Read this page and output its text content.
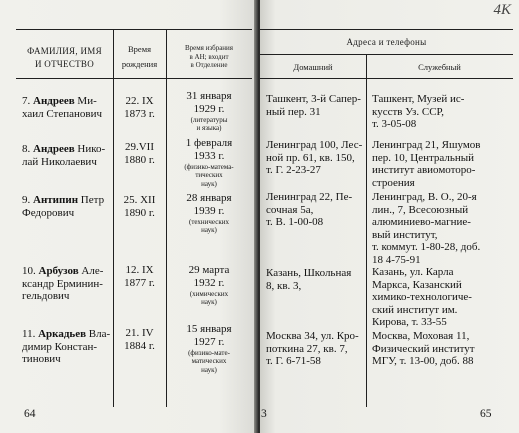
ФАМИЛИЯ, ИМЯ
И ОТЧЕСТВО
Время
рождения
Время избрания
в АН; входит
в Отделение
7. Андреев Ми-
хаил Степанович
22. IX
1873 г.
31 января
1929 г.
(литературы
и языка)
8. Андреев Нико-
лай Николаевич
29.VII
1880 г.
1 февраля
1933 г.
(физико-матема-
тических
наук)
9. Антипин Петр
Федорович
25. XII
1890 г.
28 января
1939 г.
(технических
наук)
10. Арбузов Але-
ксандр Ерминин-
гельдович
12. IX
1877 г.
29 марта
1932 г.
(химических
наук)
11. Аркадьев Вла-
димир Констан-
тинович
21. IV
1884 г.
15 января
1927 г.
(физико-мате-
матических
наук)
64
4К
Адреса и телефоны
Домашний	Служебный
Ташкент, 3-й Сапер-
ный пер. 31
Ташкент, Музей ис-
кусств Уз. ССР,
т. 3-05-08
Ленинград 100, Лес-
ной пр. 61, кв. 150,
т. Г. 2-23-27
Ленинград 21, Яшумов
пер. 10, Центральный
институт авиомоторо-
строения
Ленинград 22, Пе-
сочная 5а,
т. В. 1-00-08
Ленинград, В. О., 20-я
лин., 7, Всесоюзный
алюминиево-магние-
вый институт,
т. коммут. 1-80-28, доб.
18 4-75-91
Казань, Школьная
8, кв. 3,
Казань, ул. Карла
Маркса, Казанский
химико-технологиче-
ский институт им.
Кирова, т. 33-55
Москва 34, ул. Кро-
поткина 27, кв. 7,
т. Г. 6-71-58
Москва, Моховая 11,
Физический институт
МГУ, т. 13-00, доб. 88
3	65
